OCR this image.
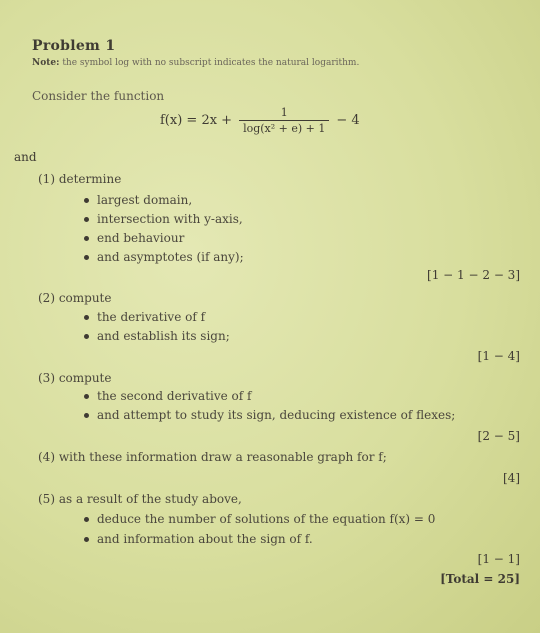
Problem 1
Note: the symbol log with no subscript indicates the natural logarithm.
Consider the function
$f(x) = 2x + \frac{1}{\text{log(x² + e) + 1}} - 4$
and
(1) determine
largest domain,
intersection with y-axis,
end behaviour
and asymptotes (if any);
[1 − 1 − 2 − 3]
(2) compute
the derivative of f
and establish its sign;
[1 − 4]
(3) compute
the second derivative of f
and attempt to study its sign, deducing existence of flexes;
[2 − 5]
(4) with these information draw a reasonable graph for f;
[4]
(5) as a result of the study above,
deduce the number of solutions of the equation f(x) = 0
and information about the sign of f.
[1 − 1]
[Total = 25]
